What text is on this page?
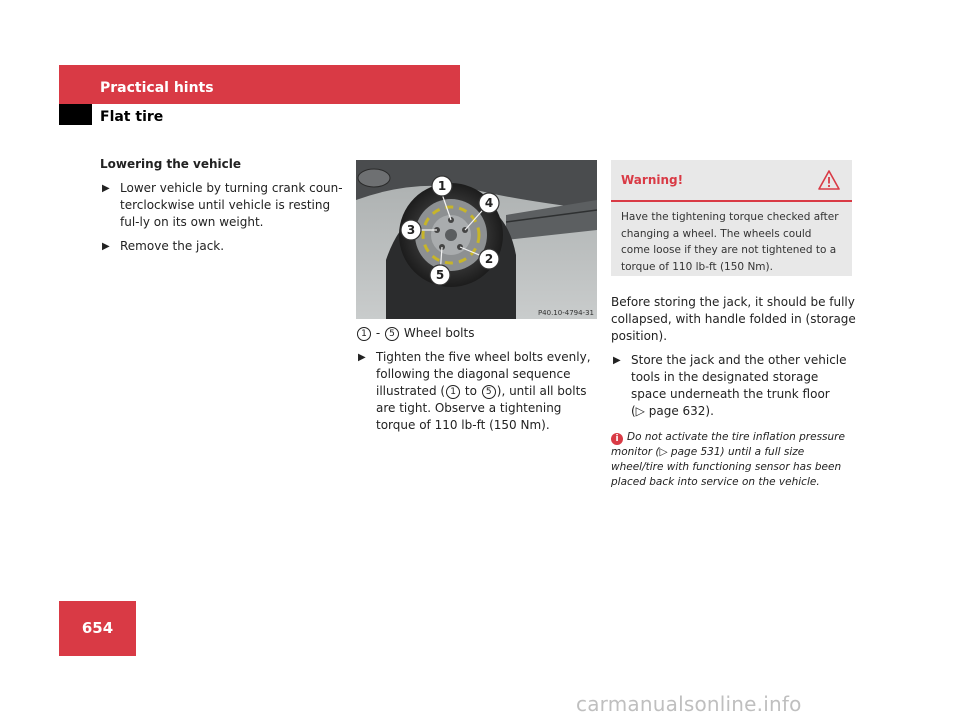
Practical hints
Flat tire
Lowering the vehicle
▶ Lower vehicle by turning crank coun-terclockwise until vehicle is resting ful-ly on its own weight.
▶ Remove the jack.
1
4
3
2
5
P40.10-4794-31
1 - 5 Wheel bolts
▶ Tighten the five wheel bolts evenly, following the diagonal sequence illustrated ( 1 to 5 ), until all bolts are tight. Observe a tightening torque of 110 lb-ft (150 Nm).
Warning!
Have the tightening torque checked after changing a wheel. The wheels could come loose if they are not tightened to a torque of 110 lb-ft (150 Nm).
Before storing the jack, it should be fully collapsed, with handle folded in (storage position).
▶ Store the jack and the other vehicle tools in the designated storage space underneath the trunk floor
(▷ page 632).
i Do not activate the tire inflation pressure monitor (▷ page 531) until a full size wheel/tire with functioning sensor has been placed back into service on the vehicle.
654
carmanualsonline.info
